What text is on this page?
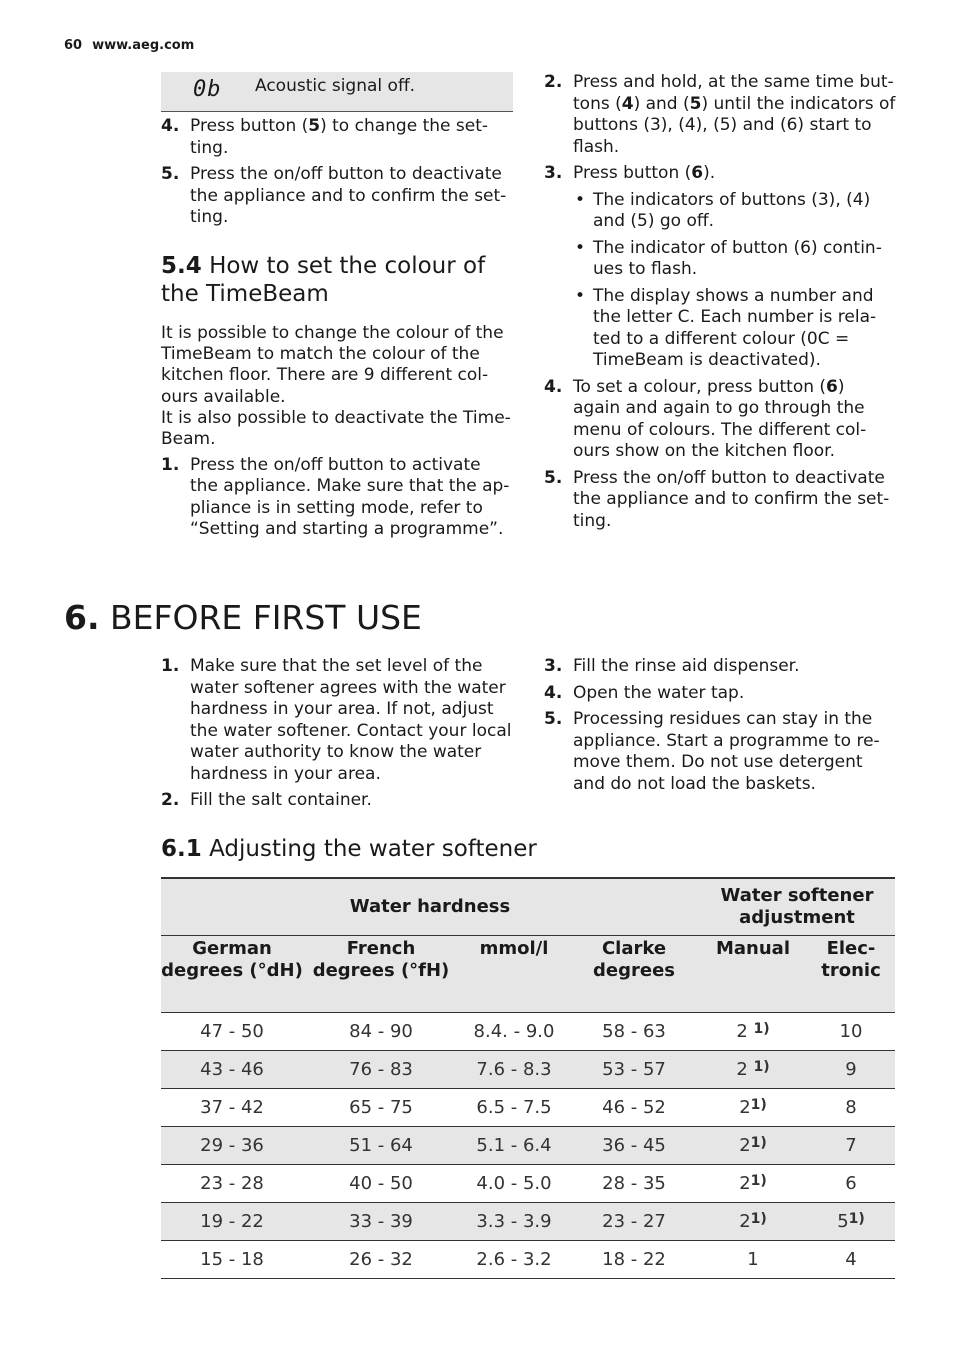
60 www.aeg.com
0b Acoustic signal off.
4. Press button (5) to change the set-ting.
5. Press the on/off button to deactivate the appliance and to confirm the set-ting.
5.4 How to set the colour of the TimeBeam

It is possible to change the colour of the TimeBeam to match the colour of the kitchen floor. There are 9 different col-ours available.

It is also possible to deactivate the Time-Beam.

1. Press the on/off button to activate the appliance. Make sure that the ap-pliance is in setting mode, refer to “Setting and starting a programme”.
2. Press and hold, at the same time but-tons (4) and (5) until the indicators of buttons (3), (4), (5) and (6) start to flash.
3. Press button (6).
• The indicators of buttons (3), (4) and (5) go off.
• The indicator of button (6) contin-ues to flash.
• The display shows a number and the letter C. Each number is rela-ted to a different colour (0C = TimeBeam is deactivated).
4. To set a colour, press button (6) again and again to go through the menu of colours. The different col-ours show on the kitchen floor.
5. Press the on/off button to deactivate the appliance and to confirm the set-ting.
6. BEFORE FIRST USE
1. Make sure that the set level of the water softener agrees with the water hardness in your area. If not, adjust the water softener. Contact your local water authority to know the water hardness in your area.
2. Fill the salt container.
3. Fill the rinse aid dispenser.
4. Open the water tap.
5. Processing residues can stay in the appliance. Start a programme to re-move them. Do not use detergent and do not load the baskets.
6.1 Adjusting the water softener
Water hardness				Water softener adjustment	
German degrees (°dH)	French degrees (°fH)	mmol/l	Clarke degrees	Manual	Elec-tronic
47 - 50	84 - 90	8.4. - 9.0	58 - 63	2 $^{1)}$	10
43 - 46	76 - 83	7.6 - 8.3	53 - 57	2 $^{1)}$	9
37 - 42	65 - 75	6.5 - 7.5	46 - 52	2$^{1)}$	8
29 - 36	51 - 64	5.1 - 6.4	36 - 45	2$^{1)}$	7
23 - 28	40 - 50	4.0 - 5.0	28 - 35	2$^{1)}$	6
19 - 22	33 - 39	3.3 - 3.9	23 - 27	2$^{1)}$	5$^{1)}$
15 - 18	26 - 32	2.6 - 3.2	18 - 22	1	4
